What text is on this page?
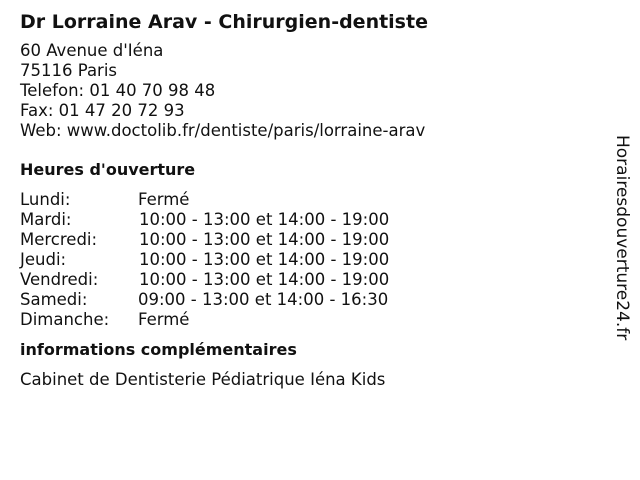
Dr Lorraine Arav - Chirurgien-dentiste
60 Avenue d'Iéna
75116 Paris
Telefon: 01 40 70 98 48
Fax: 01 47 20 72 93
Web: www.doctolib.fr/dentiste/paris/lorraine-arav
Heures d'ouverture
Lundi:	Fermé
Mardi:	10:00 - 13:00 et 14:00 - 19:00
Mercredi:	10:00 - 13:00 et 14:00 - 19:00
Jeudi:	10:00 - 13:00 et 14:00 - 19:00
Vendredi:	10:00 - 13:00 et 14:00 - 19:00
Samedi:	09:00 - 13:00 et 14:00 - 16:30
Dimanche:	Fermé
informations complémentaires
Cabinet de Dentisterie Pédiatrique Iéna Kids
Horairesdouverture24.fr
